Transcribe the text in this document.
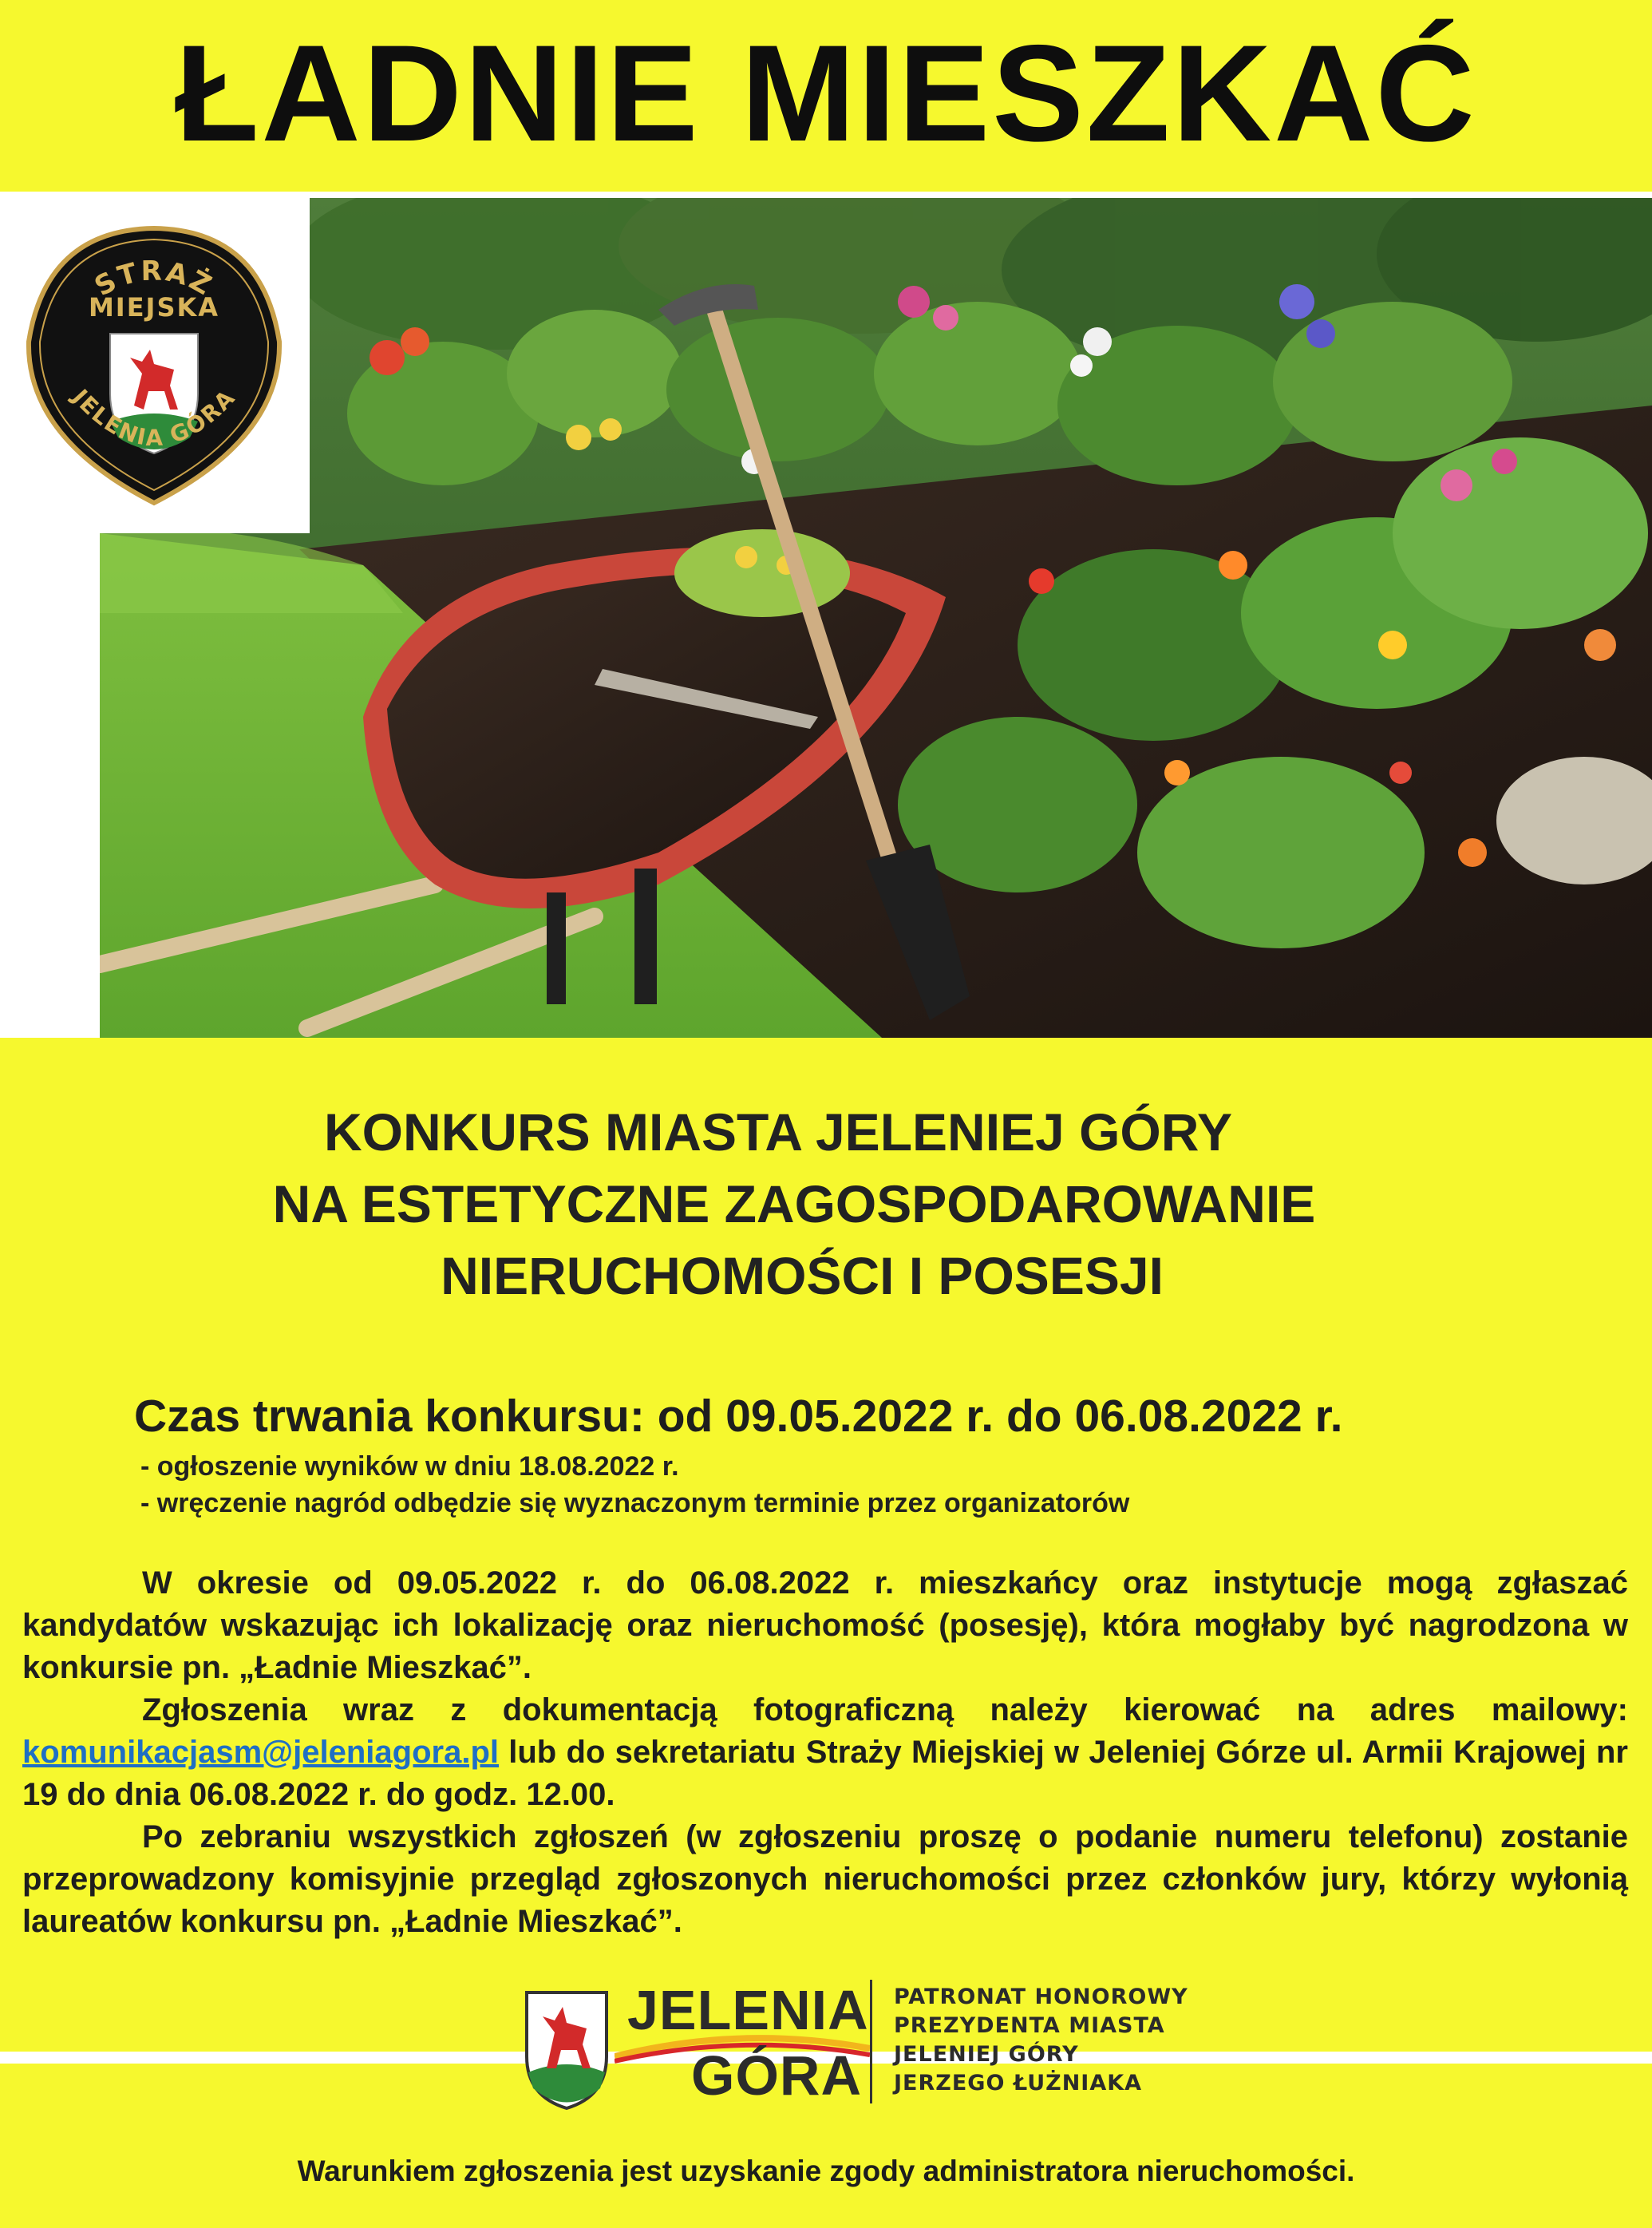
ŁADNIE MIESZKAĆ
STRAŻ
MIEJSKA
JELENIA GÓRA
KONKURS MIASTA JELENIEJ GÓRY
NA ESTETYCZNE ZAGOSPODAROWANIE
NIERUCHOMOŚCI I POSESJI
Czas trwania konkursu: od 09.05.2022 r. do 06.08.2022 r.
- ogłoszenie wyników w dniu 18.08.2022 r.
- wręczenie nagród odbędzie się wyznaczonym terminie przez organizatorów

W okresie od 09.05.2022 r. do 06.08.2022 r. mieszkańcy oraz instytucje mogą zgłaszać kandydatów wskazując ich lokalizację oraz nieruchomość (posesję), która mogłaby być nagrodzona w konkursie pn. „Ładnie Mieszkać”.

Zgłoszenia wraz z dokumentacją fotograficzną należy kierować na adres mailowy: komunikacjasm@jeleniagora.pl lub do sekretariatu Straży Miejskiej w Jeleniej Górze ul. Armii Krajowej nr 19 do dnia 06.08.2022 r. do godz. 12.00.

Po zebraniu wszystkich zgłoszeń (w zgłoszeniu proszę o podanie numeru telefonu) zostanie przeprowadzony komisyjnie przegląd zgłoszonych nieruchomości przez członków jury, którzy wyłonią laureatów konkursu pn. „Ładnie Mieszkać”.

JELENIA
GÓRA
PATRONAT HONOROWY
PREZYDENTA MIASTA
JELENIEJ GÓRY
JERZEGO ŁUŻNIAKA
Warunkiem zgłoszenia jest uzyskanie zgody administratora nieruchomości.
